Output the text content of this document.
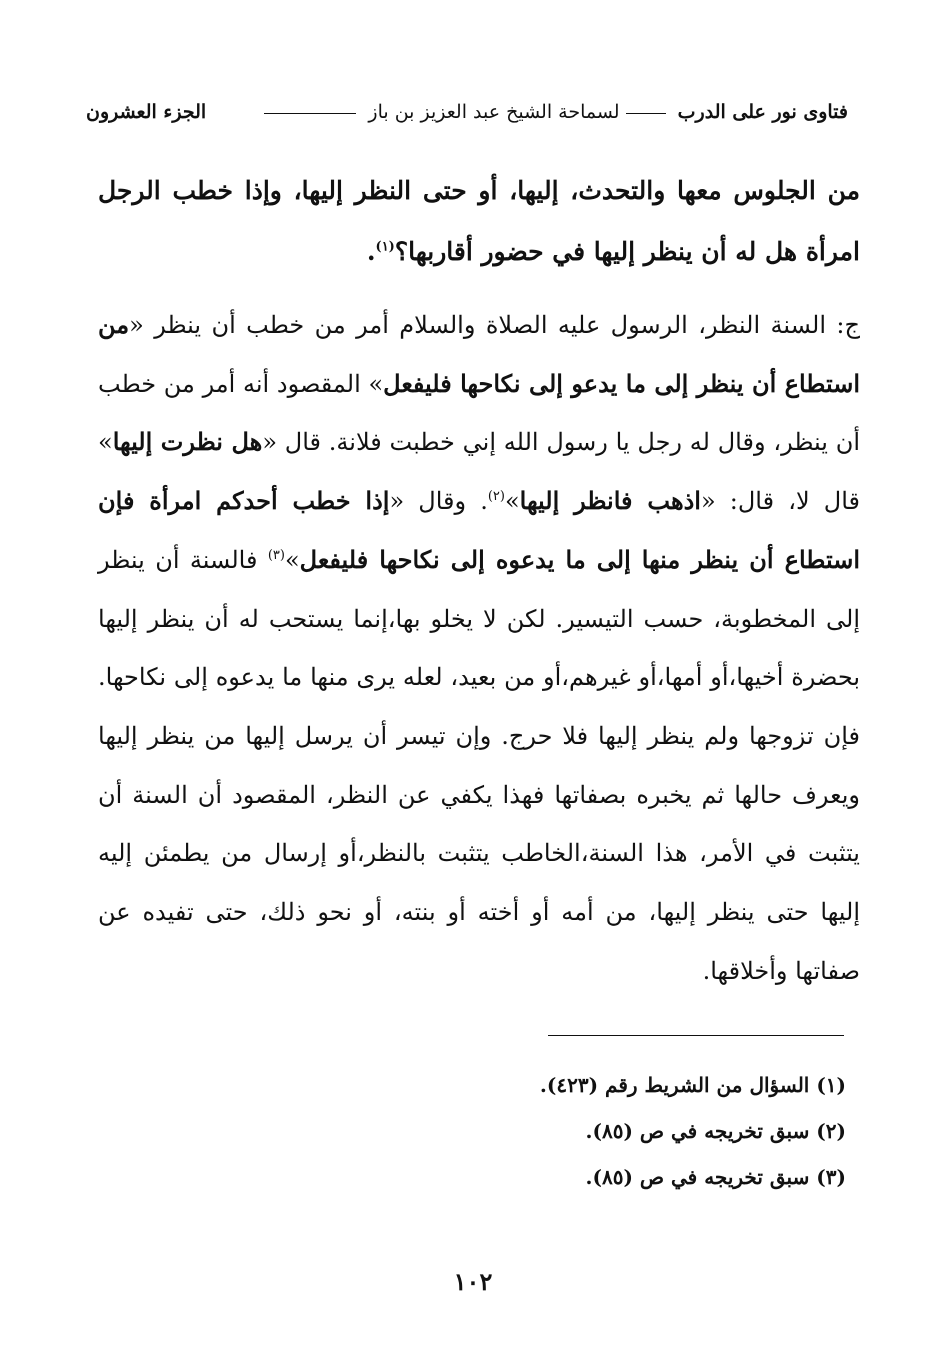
فتاوى نور على الدرب لسماحة الشيخ عبد العزيز بن باز
الجزء العشرون
من الجلوس معها والتحدث، إليها، أو حتى النظر إليها، وإذا خطب الرجل امرأة هل له أن ينظر إليها في حضور أقاربها؟$^{(١)}$.
ج: السنة النظر، الرسول عليه الصلاة والسلام أمر من خطب أن ينظر «من استطاع أن ينظر إلى ما يدعو إلى نكاحها فليفعل» المقصود أنه أمر من خطب أن ينظر، وقال له رجل يا رسول الله إني خطبت فلانة. قال «هل نظرت إليها» قال لا، قال: «اذهب فانظر إليها»$^{(٢)}$. وقال «إذا خطب أحدكم امرأة فإن استطاع أن ينظر منها إلى ما يدعوه إلى نكاحها فليفعل»$^{(٣)}$ فالسنة أن ينظر إلى المخطوبة، حسب التيسير. لكن لا يخلو بها،إنما يستحب له أن ينظر إليها بحضرة أخيها،أو أمها،أو غيرهم،أو من بعيد، لعله يرى منها ما يدعوه إلى نكاحها. فإن تزوجها ولم ينظر إليها فلا حرج. وإن تيسر أن يرسل إليها من ينظر إليها ويعرف حالها ثم يخبره بصفاتها فهذا يكفي عن النظر، المقصود أن السنة أن يتثبت في الأمر، هذا السنة،الخاطب يتثبت بالنظر،أو إرسال من يطمئن إليه إليها حتى ينظر إليها، من أمه أو أخته أو بنته، أو نحو ذلك، حتى تفيده عن صفاتها وأخلاقها.
(١) السؤال من الشريط رقم (٤٢٣).
(٢) سبق تخريجه في ص (٨٥).
(٣) سبق تخريجه في ص (٨٥).
١٠٢
